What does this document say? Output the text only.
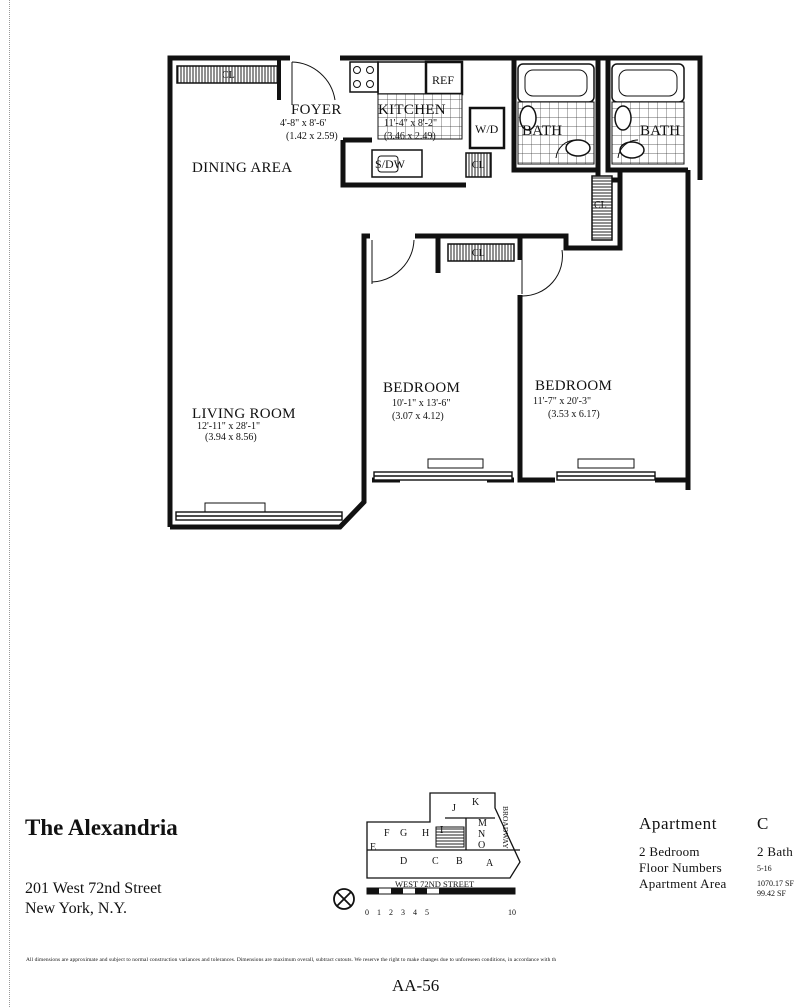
CL
FOYER
4'-8" x 8'-6'
(1.42 x 2.59)
KITCHEN
11'-4" x 8'-2"
(3.46 x 2.49)
REF
W/D
S/DW	CL
BATH	BATH
CL
DINING AREA
CL
BEDROOM
10'-1" x 13'-6"
(3.07 x 4.12)
BEDROOM
11'-7" x 20'-3"
(3.53 x 6.17)
LIVING ROOM
12'-11" x 28'-1"
(3.94 x 8.56)
The Alexandria
201 West 72nd Street
New York, N.Y.
A
B
C
D
E
F G H I
J
K
M
N
O
WEST 72ND STREET
BROADWAY
0 1 2 3 4 5	10
Apartment C
2 Bedroom	2 Bath
Floor Numbers	5-16
Apartment Area	1070.17 SF
99.42 SF
All dimensions are approximate and subject to normal construction variances and tolerances. Dimensions are maximum overall, subtract cutouts. We reserve the right to make changes due to unforeseen conditions, in accordance with th
AA-56
